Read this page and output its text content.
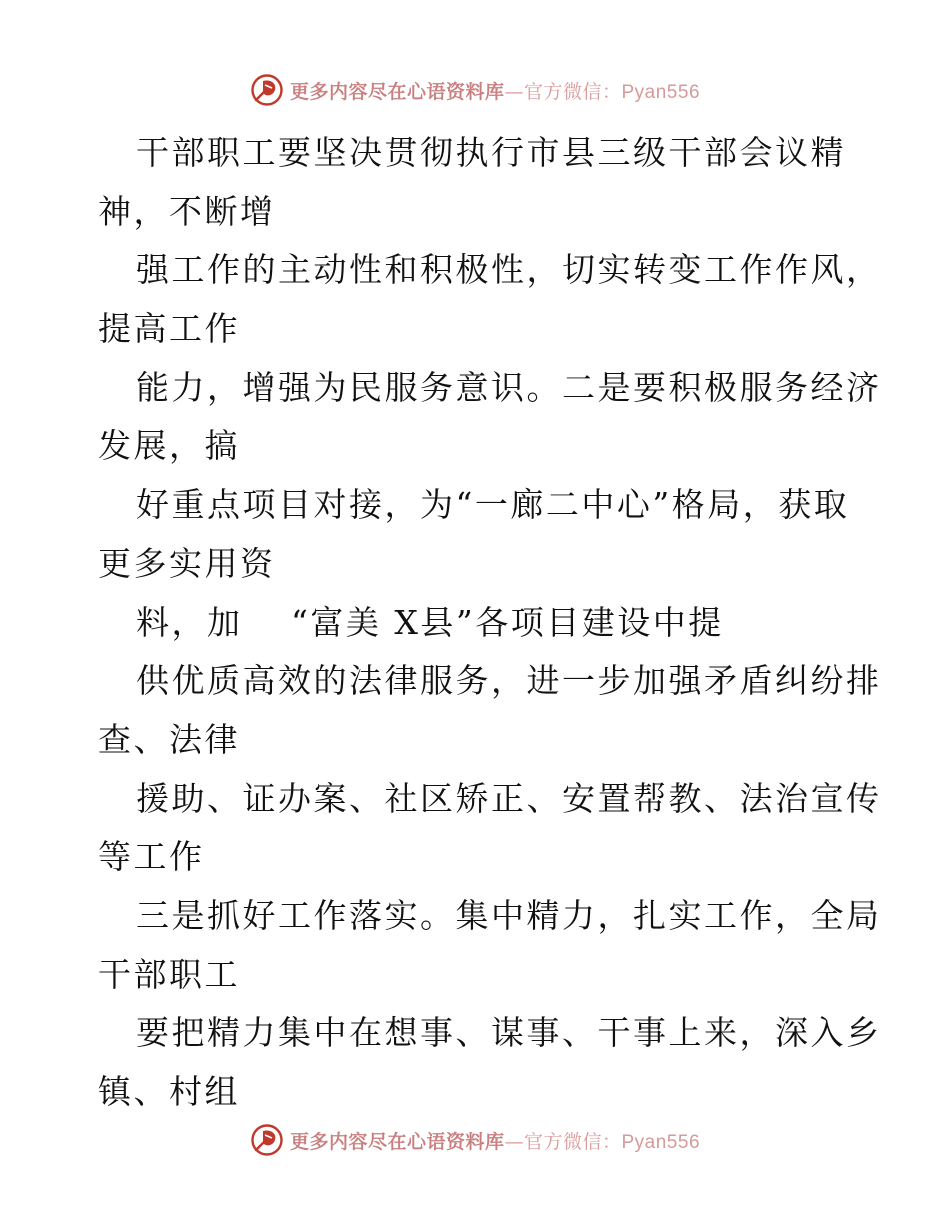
更多内容尽在心语资料库—官方微信：Pyan556
干部职工要坚决贯彻执行市县三级干部会议精
神，不断增
强工作的主动性和积极性，切实转变工作作风，
提高工作
能力，增强为民服务意识。二是要积极服务经济
发展，搞
好重点项目对接，为“一廊二中心”格局，获取
更多实用资
料，加　 “富美 X县”各项目建设中提
供优质高效的法律服务，进一步加强矛盾纠纷排
查、法律
援助、证办案、社区矫正、安置帮教、法治宣传
等工作
三是抓好工作落实。集中精力，扎实工作，全局
干部职工
要把精力集中在想事、谋事、干事上来，深入乡
镇、村组
更多内容尽在心语资料库—官方微信：Pyan556
